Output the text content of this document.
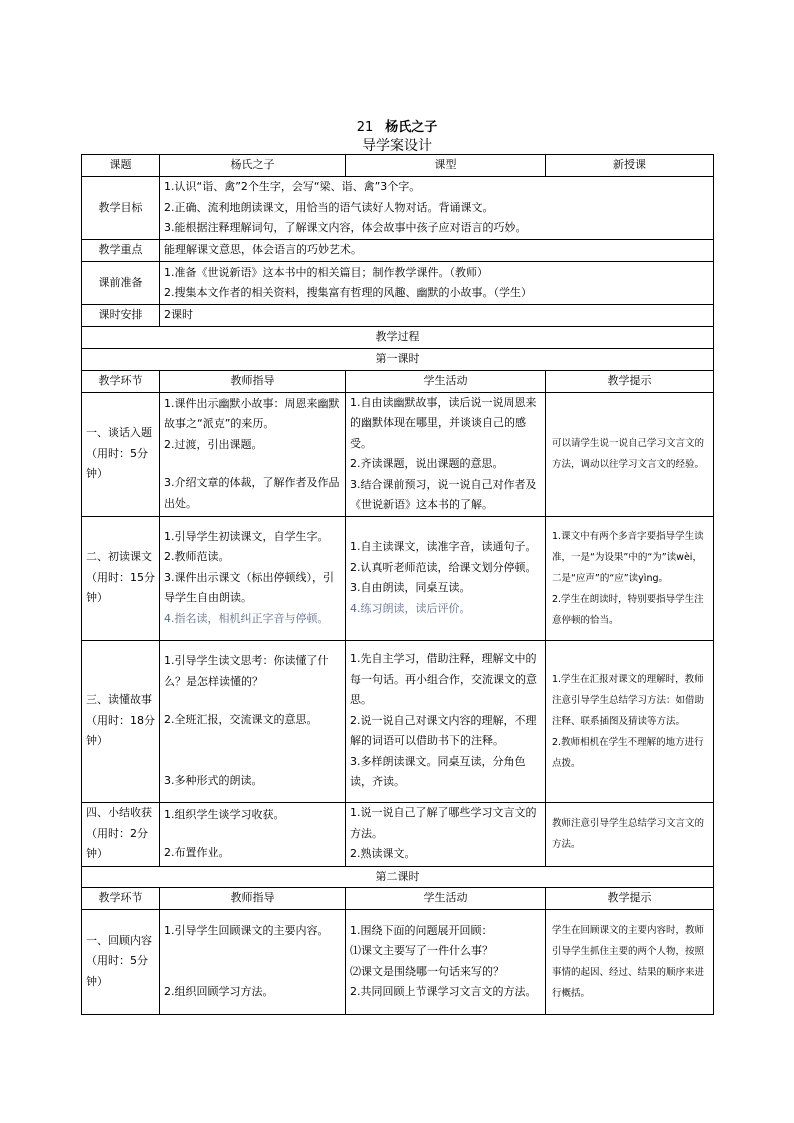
21 杨氏之子
导学案设计
课题	杨氏之子	课型	新授课
教学目标	1.认识“诣、禽”2个生字，会写“梁、诣、禽”3个字。
2.正确、流利地朗读课文，用恰当的语气读好人物对话。背诵课文。
3.能根据注释理解词句，了解课文内容，体会故事中孩子应对语言的巧妙。		

教学重点	能理解课文意思，体会语言的巧妙艺术。		
课前准备	1.准备《世说新语》这本书中的相关篇目；制作教学课件。（教师）
2.搜集本文作者的相关资料，搜集富有哲理的风趣、幽默的小故事。（学生）		

课时安排	2课时		
教学过程			
第一课时			
教学环节	教师指导	学生活动	教学提示
一、谈话入题（用时：5分钟）	1.课件出示幽默小故事：周恩来幽默故事之“派克”的来历。
2.过渡，引出课题。
3.介绍文章的体裁，了解作者及作品出处。	1.自由读幽默故事，读后说一说周恩来的幽默体现在哪里，并谈谈自己的感受。
2.齐读课题，说出课题的意思。
3.结合课前预习，说一说自己对作者及《世说新语》这本书的了解。	可以请学生说一说自己学习文言文的方法，调动以往学习文言文的经验。
二、初读课文（用时：15分钟）	1.引导学生初读课文，自学生字。
2.教师范读。
3.课件出示课文（标出停顿线），引导学生自由朗读。
4.指名读，相机纠正字音与停顿。	1.自主读课文，读准字音，读通句子。
2.认真听老师范读，给课文划分停顿。
3.自由朗读，同桌互读。
4.练习朗读，读后评价。	1.课文中有两个多音字要指导学生读准，一是“为设果”中的“为”读wèi，二是“应声”的“应”读yìng。
2.学生在朗读时，特别要指导学生注意停顿的恰当。

三、读懂故事（用时：18分钟）	1.引导学生读文思考：你读懂了什么？是怎样读懂的？
2.全班汇报，交流课文的意思。
3.多种形式的朗读。	1.先自主学习，借助注释，理解文中的每一句话。再小组合作，交流课文的意思。
2.说一说自己对课文内容的理解，不理解的词语可以借助书下的注释。
3.多样朗读课文。同桌互读，分角色读，齐读。	1.学生在汇报对课文的理解时，教师注意引导学生总结学习方法：如借助注释、联系插图及猜读等方法。
2.教师相机在学生不理解的地方进行点拨。

四、小结收获（用时：2分钟）	1.组织学生谈学习收获。
2.布置作业。	1.说一说自己了解了哪些学习文言文的方法。
2.熟读课文。	教师注意引导学生总结学习文言文的方法。
第二课时			
教学环节	教师指导	学生活动	教学提示
一、回顾内容（用时：5分钟）	1.引导学生回顾课文的主要内容。
2.组织回顾学习方法。	1.围绕下面的问题展开回顾：
⑴课文主要写了一件什么事？
⑵课文是围绕哪一句话来写的？
2.共同回顾上节课学习文言文的方法。	学生在回顾课文的主要内容时，教师引导学生抓住主要的两个人物，按照事情的起因、经过、结果的顺序来进行概括。
